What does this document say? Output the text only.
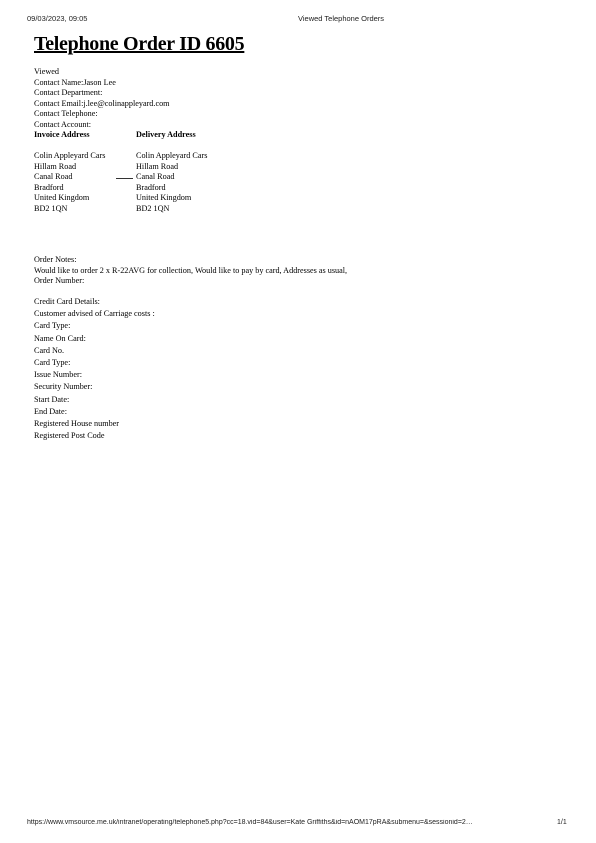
09/03/2023, 09:05	Viewed Telephone Orders
Telephone Order ID 6605
Viewed
Contact Name:Jason Lee
Contact Department:
Contact Email:j.lee@colinappleyard.com
Contact Telephone:
Contact Account:
Invoice Address
Colin Appleyard Cars
Hillam Road
Canal Road
Bradford
United Kingdom
BD2 1QN
Delivery Address
Colin Appleyard Cars
Hillam Road
Canal Road
Bradford
United Kingdom
BD2 1QN
Order Notes:
Would like to order 2 x R-22AVG for collection, Would like to pay by card, Addresses as usual,
Order Number:
Credit Card Details:
Customer advised of Carriage costs :
Card Type:
Name On Card:
Card No.
Card Type:
Issue Number:
Security Number:
Start Date:
End Date:
Registered House number
Registered Post Code
https://www.vmsource.me.uk/intranet/operating/telephone5.php?cc=18.vid=84&user=Kate Griffiths&id=nAOM17pRA&submenu=&sessionid=2…	1/1
